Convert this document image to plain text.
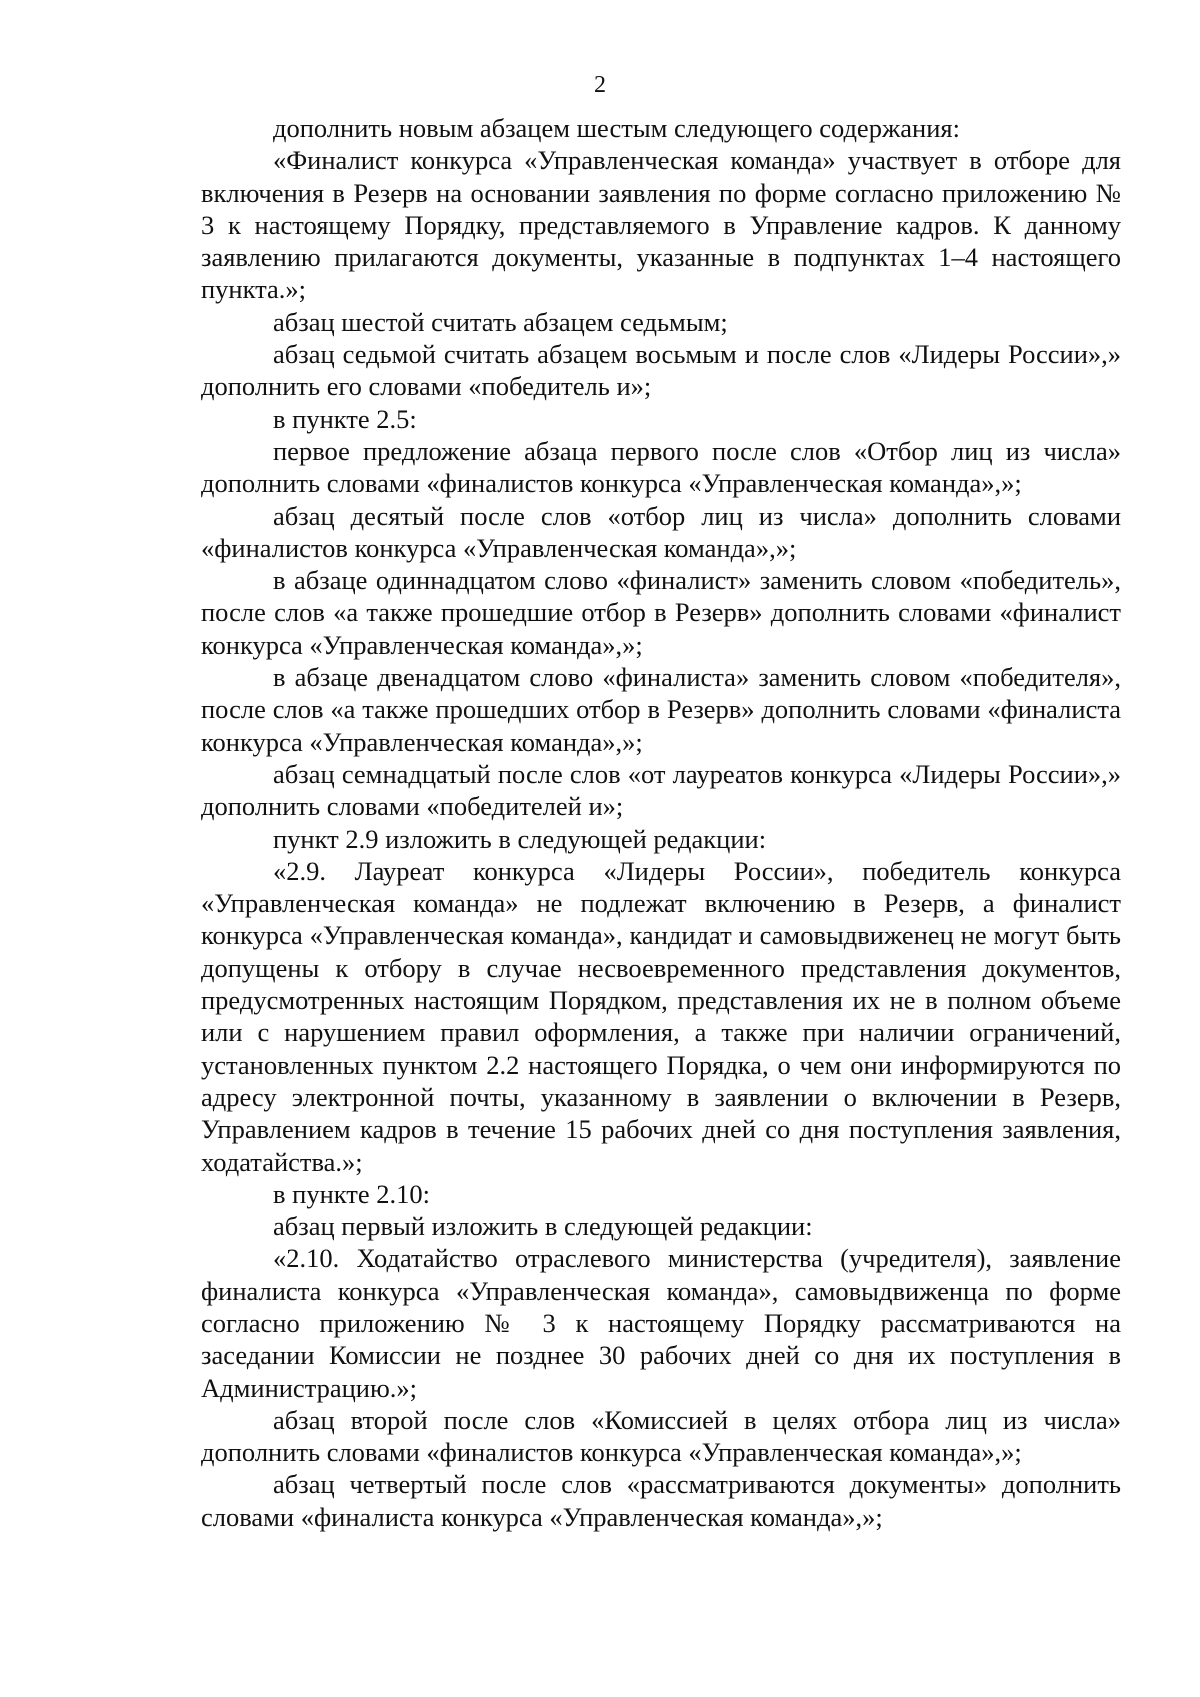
2

дополнить новым абзацем шестым следующего содержания:

«Финалист конкурса «Управленческая команда» участвует в отборе для включения в Резерв на основании заявления по форме согласно приложению № 3 к настоящему Порядку, представляемого в Управление кадров. К данному заявлению прилагаются документы, указанные в подпунктах 1–4 настоящего пункта.»;

абзац шестой считать абзацем седьмым;

абзац седьмой считать абзацем восьмым и после слов «Лидеры России»,» дополнить его словами «победитель и»;

в пункте 2.5:

первое предложение абзаца первого после слов «Отбор лиц из числа» дополнить словами «финалистов конкурса «Управленческая команда»,»;

абзац десятый после слов «отбор лиц из числа» дополнить словами «финалистов конкурса «Управленческая команда»,»;

в абзаце одиннадцатом слово «финалист» заменить словом «победитель», после слов «а также прошедшие отбор в Резерв» дополнить словами «финалист конкурса «Управленческая команда»,»;

в абзаце двенадцатом слово «финалиста» заменить словом «победителя», после слов «а также прошедших отбор в Резерв» дополнить словами «финалиста конкурса «Управленческая команда»,»;

абзац семнадцатый после слов «от лауреатов конкурса «Лидеры России»,» дополнить словами «победителей и»;

пункт 2.9 изложить в следующей редакции:

«2.9. Лауреат конкурса «Лидеры России», победитель конкурса «Управленческая команда» не подлежат включению в Резерв, а финалист конкурса «Управленческая команда», кандидат и самовыдвиженец не могут быть допущены к отбору в случае несвоевременного представления документов, предусмотренных настоящим Порядком, представления их не в полном объеме или с нарушением правил оформления, а также при наличии ограничений, установленных пунктом 2.2 настоящего Порядка, о чем они информируются по адресу электронной почты, указанному в заявлении о включении в Резерв, Управлением кадров в течение 15 рабочих дней со дня поступления заявления, ходатайства.»;

в пункте 2.10:

абзац первый изложить в следующей редакции:

«2.10. Ходатайство отраслевого министерства (учредителя), заявление финалиста конкурса «Управленческая команда», самовыдвиженца по форме согласно приложению № 3 к настоящему Порядку рассматриваются на заседании Комиссии не позднее 30 рабочих дней со дня их поступления в Администрацию.»;

абзац второй после слов «Комиссией в целях отбора лиц из числа» дополнить словами «финалистов конкурса «Управленческая команда»,»;

абзац четвертый после слов «рассматриваются документы» дополнить словами «финалиста конкурса «Управленческая команда»,»;
